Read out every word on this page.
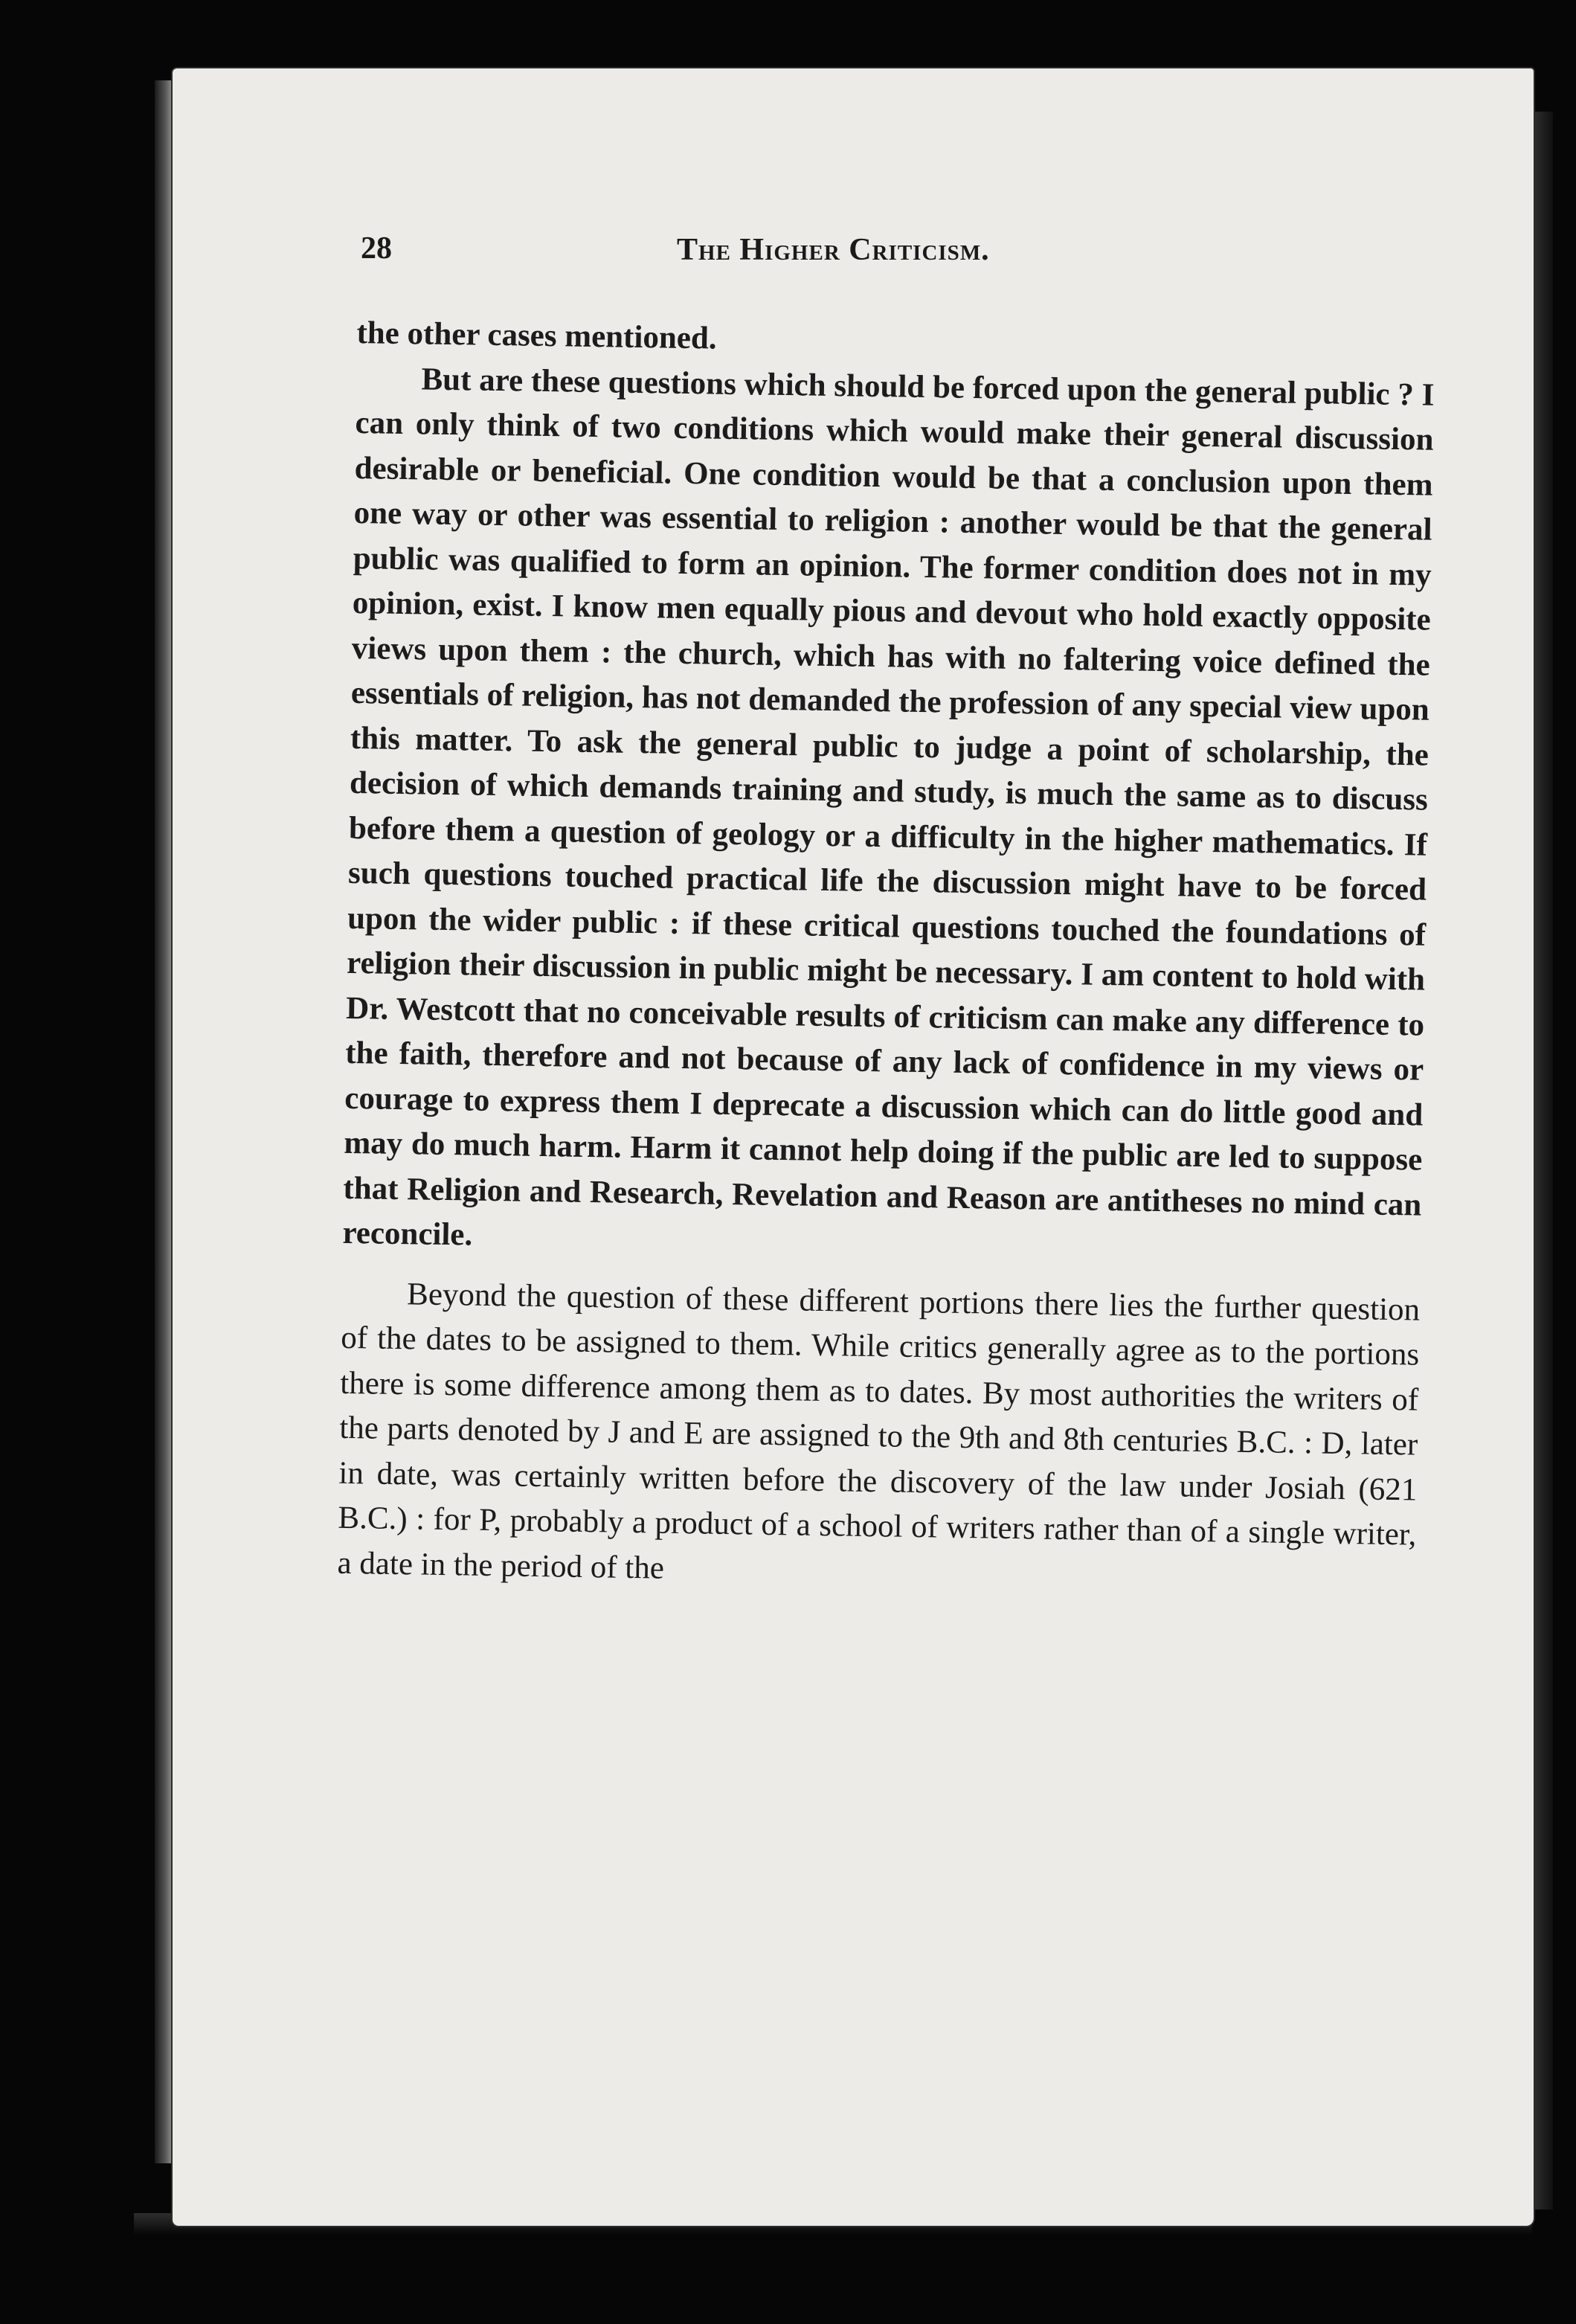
28	The Higher Criticism.

the other cases mentioned.

But are these questions which should be forced upon the general public ? I can only think of two conditions which would make their general discussion desirable or beneficial. One condition would be that a conclusion upon them one way or other was essential to religion : another would be that the general public was qualified to form an opinion. The former condition does not in my opinion, exist. I know men equally pious and devout who hold exactly opposite views upon them : the church, which has with no faltering voice defined the essentials of religion, has not demanded the profession of any special view upon this matter. To ask the general public to judge a point of scholarship, the decision of which demands training and study, is much the same as to discuss before them a question of geology or a difficulty in the higher mathematics. If such questions touched practical life the discussion might have to be forced upon the wider public : if these critical questions touched the foundations of religion their discussion in public might be necessary. I am content to hold with Dr. Westcott that no conceivable results of criticism can make any difference to the faith, therefore and not because of any lack of confidence in my views or courage to express them I deprecate a discussion which can do little good and may do much harm. Harm it cannot help doing if the public are led to suppose that Religion and Research, Revelation and Reason are antitheses no mind can reconcile.

Beyond the question of these different portions there lies the further question of the dates to be assigned to them. While critics generally agree as to the portions there is some difference among them as to dates. By most authorities the writers of the parts denoted by J and E are assigned to the 9th and 8th centuries B.C. : D, later in date, was certainly written before the discovery of the law under Josiah (621 B.C.) : for P, probably a product of a school of writers rather than of a single writer, a date in the period of the
